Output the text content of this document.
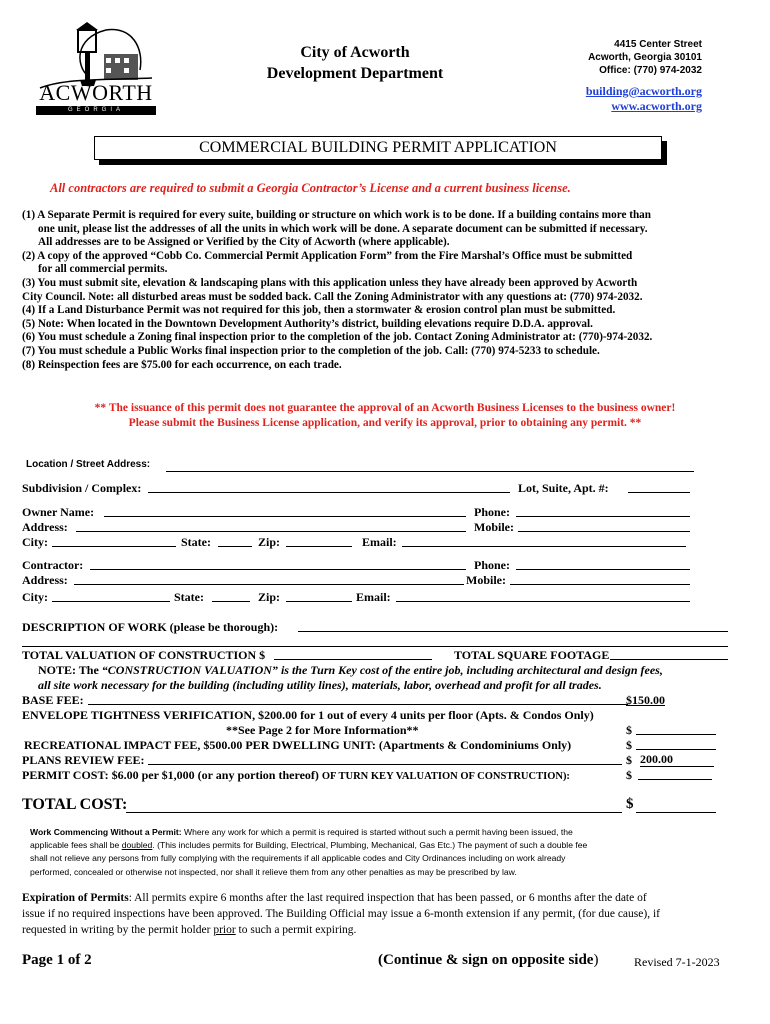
ACWORTH
GEORGIA
City of Acworth
Development Department
4415 Center Street
Acworth, Georgia 30101
Office: (770) 974-2032
building@acworth.org
www.acworth.org
COMMERCIAL BUILDING PERMIT APPLICATION
All contractors are required to submit a Georgia Contractor’s License and a current business license.
(1) A Separate Permit is required for every suite, building or structure on which work is to be done. If a building contains more than
one unit, please list the addresses of all the units in which work will be done. A separate document can be submitted if necessary.
All addresses are to be Assigned or Verified by the City of Acworth (where applicable).
(2) A copy of the approved “Cobb Co. Commercial Permit Application Form” from the Fire Marshal’s Office must be submitted
for all commercial permits.
(3) You must submit site, elevation & landscaping plans with this application unless they have already been approved by Acworth
City Council. Note: all disturbed areas must be sodded back. Call the Zoning Administrator with any questions at: (770) 974-2032.
(4) If a Land Disturbance Permit was not required for this job, then a stormwater & erosion control plan must be submitted.
(5) Note: When located in the Downtown Development Authority’s district, building elevations require D.D.A. approval.
(6) You must schedule a Zoning final inspection prior to the completion of the job. Contact Zoning Administrator at: (770)-974-2032.
(7) You must schedule a Public Works final inspection prior to the completion of the job. Call: (770) 974-5233 to schedule.
(8) Reinspection fees are $75.00 for each occurrence, on each trade.
** The issuance of this permit does not guarantee the approval of an Acworth Business Licenses to the business owner!
Please submit the Business License application, and verify its approval, prior to obtaining any permit. **
Location / Street Address:
Subdivision / Complex:	Lot, Suite, Apt. #:
Owner Name:	Phone:
Address:	Mobile:
City:	State:	Zip:	Email:
Contractor:	Phone:
Address:	Mobile:
City:	State:	Zip:	Email:
DESCRIPTION OF WORK (please be thorough):
TOTAL VALUATION OF CONSTRUCTION $	TOTAL SQUARE FOOTAGE
NOTE: The “CONSTRUCTION VALUATION” is the Turn Key cost of the entire job, including architectural and design fees,
all site work necessary for the building (including utility lines), materials, labor, overhead and profit for all trades.
BASE FEE:	$150.00
ENVELOPE TIGHTNESS VERIFICATION, $200.00 for 1 out of every 4 units per floor (Apts. & Condos Only)
**See Page 2 for More Information**	$
RECREATIONAL IMPACT FEE, $500.00 PER DWELLING UNIT: (Apartments & Condominiums Only)	$
PLANS REVIEW FEE:	$ 200.00
PERMIT COST: $6.00 per $1,000 (or any portion thereof) OF TURN KEY VALUATION OF CONSTRUCTION):	$
TOTAL COST:	$
Work Commencing Without a Permit: Where any work for which a permit is required is started without such a permit having been issued, the
applicable fees shall be doubled. (This includes permits for Building, Electrical, Plumbing, Mechanical, Gas Etc.) The payment of such a double fee
shall not relieve any persons from fully complying with the requirements if all applicable codes and City Ordinances including on work already
performed, concealed or otherwise not inspected, nor shall it relieve them from any other penalties as may be prescribed by law.
Expiration of Permits: All permits expire 6 months after the last required inspection that has been passed, or 6 months after the date of
issue if no required inspections have been approved. The Building Official may issue a 6-month extension if any permit, (for due cause), if
requested in writing by the permit holder prior to such a permit expiring.
Page 1 of 2	(Continue & sign on opposite side)	Revised 7-1-2023
